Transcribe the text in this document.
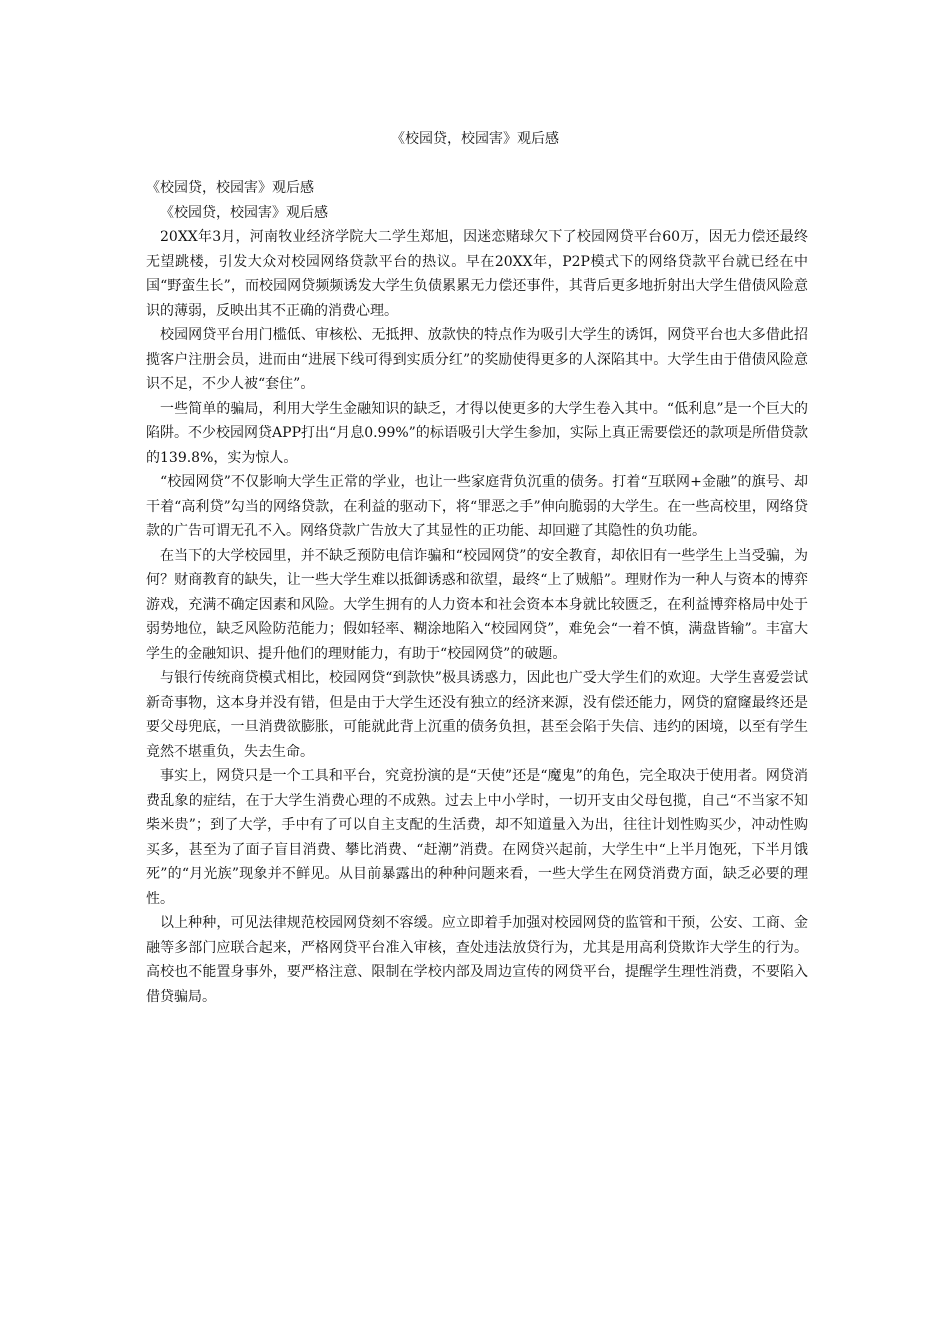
《校园贷，校园害》观后感

《校园贷，校园害》观后感

《校园贷，校园害》观后感

20XX年3月，河南牧业经济学院大二学生郑旭，因迷恋赌球欠下了校园网贷平台60万，因无力偿还最终无望跳楼，引发大众对校园网络贷款平台的热议。早在20XX年，P2P模式下的网络贷款平台就已经在中国“野蛮生长”，而校园网贷频频诱发大学生负债累累无力偿还事件，其背后更多地折射出大学生借债风险意识的薄弱，反映出其不正确的消费心理。

校园网贷平台用门槛低、审核松、无抵押、放款快的特点作为吸引大学生的诱饵，网贷平台也大多借此招揽客户注册会员，进而由“进展下线可得到实质分红”的奖励使得更多的人深陷其中。大学生由于借债风险意识不足，不少人被“套住”。

一些简单的骗局，利用大学生金融知识的缺乏，才得以使更多的大学生卷入其中。“低利息”是一个巨大的陷阱。不少校园网贷APP打出“月息0.99%”的标语吸引大学生参加，实际上真正需要偿还的款项是所借贷款的139.8%，实为惊人。

“校园网贷”不仅影响大学生正常的学业，也让一些家庭背负沉重的债务。打着“互联网+金融”的旗号、却干着“高利贷”勾当的网络贷款，在利益的驱动下，将“罪恶之手”伸向脆弱的大学生。在一些高校里，网络贷款的广告可谓无孔不入。网络贷款广告放大了其显性的正功能、却回避了其隐性的负功能。

在当下的大学校园里，并不缺乏预防电信诈骗和“校园网贷”的安全教育，却依旧有一些学生上当受骗，为何？财商教育的缺失，让一些大学生难以抵御诱惑和欲望，最终“上了贼船”。理财作为一种人与资本的博弈游戏，充满不确定因素和风险。大学生拥有的人力资本和社会资本本身就比较匮乏，在利益博弈格局中处于弱势地位，缺乏风险防范能力；假如轻率、糊涂地陷入“校园网贷”，难免会“一着不慎，满盘皆输”。丰富大学生的金融知识、提升他们的理财能力，有助于“校园网贷”的破题。

与银行传统商贷模式相比，校园网贷“到款快”极具诱惑力，因此也广受大学生们的欢迎。大学生喜爱尝试新奇事物，这本身并没有错，但是由于大学生还没有独立的经济来源，没有偿还能力，网贷的窟窿最终还是要父母兜底，一旦消费欲膨胀，可能就此背上沉重的债务负担，甚至会陷于失信、违约的困境，以至有学生竟然不堪重负，失去生命。

事实上，网贷只是一个工具和平台，究竟扮演的是“天使”还是“魔鬼”的角色，完全取决于使用者。网贷消费乱象的症结，在于大学生消费心理的不成熟。过去上中小学时，一切开支由父母包揽，自己“不当家不知柴米贵”；到了大学，手中有了可以自主支配的生活费，却不知道量入为出，往往计划性购买少，冲动性购买多，甚至为了面子盲目消费、攀比消费、“赶潮”消费。在网贷兴起前，大学生中“上半月饱死，下半月饿死”的“月光族”现象并不鲜见。从目前暴露出的种种问题来看，一些大学生在网贷消费方面，缺乏必要的理性。

以上种种，可见法律规范校园网贷刻不容缓。应立即着手加强对校园网贷的监管和干预，公安、工商、金融等多部门应联合起来，严格网贷平台准入审核，查处违法放贷行为，尤其是用高利贷欺诈大学生的行为。高校也不能置身事外，要严格注意、限制在学校内部及周边宣传的网贷平台，提醒学生理性消费，不要陷入借贷骗局。
